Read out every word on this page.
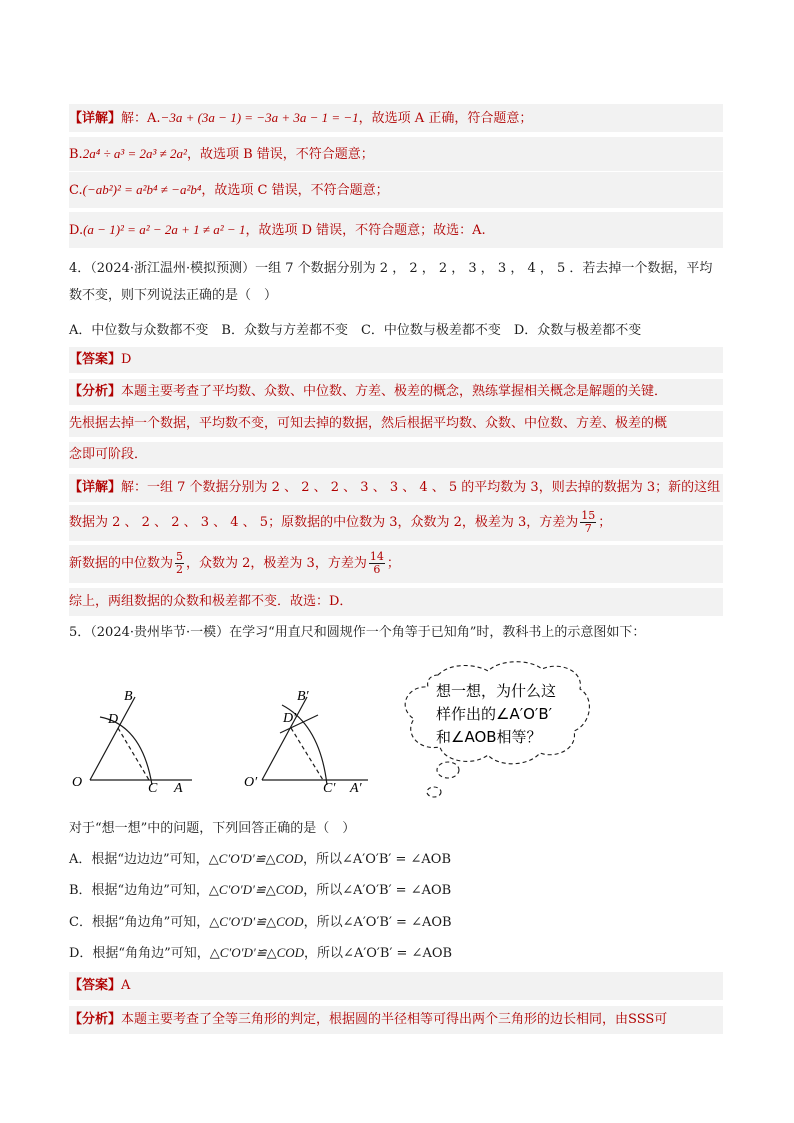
【详解】解：A.−3a + (3a − 1) = −3a + 3a − 1 = −1，故选项 A 正确，符合题意；
B.2a⁴ ÷ a³ = 2a³ ≠ 2a²，故选项 B 错误，不符合题意；
C.(−ab²)² = a²b⁴ ≠ −a²b⁴，故选项 C 错误，不符合题意；
D.(a − 1)² = a² − 2a + 1 ≠ a² − 1，故选项 D 错误，不符合题意；故选：A.
4．（2024·浙江温州·模拟预测）一组 7 个数据分别为 2 ， 2 ， 2 ， 3 ， 3 ， 4 ， 5 ．若去掉一个数据，平均
数不变，则下列说法正确的是（　）
A．中位数与众数都不变　B．众数与方差都不变　C．中位数与极差都不变　D．众数与极差都不变
【答案】D
【分析】本题主要考查了平均数、众数、中位数、方差、极差的概念，熟练掌握相关概念是解题的关键．
先根据去掉一个数据，平均数不变，可知去掉的数据，然后根据平均数、众数、中位数、方差、极差的概
念即可阶段．
【详解】解：一组 7 个数据分别为 2 、 2 、 2 、 3 、 3 、 4 、 5 的平均数为 3，则去掉的数据为 3；新的这组
数据为 2 、 2 、 2 、 3 、 4 、 5；原数据的中位数为 3，众数为 2，极差为 3，方差为 $\frac{15}{7}$ ；
新数据的中位数为 $\frac{5}{2}$ ，众数为 2，极差为 3，方差为 $\frac{14}{6}$ ；
综上，两组数据的众数和极差都不变．故选：D．
5．（2024·贵州毕节·一模）在学习“用直尺和圆规作一个角等于已知角”时，教科书上的示意图如下：
O	A
B
C
D
O′	A′
B′
C′
D′
想一想，为什么这
样作出的∠A′O′B′
和∠AOB相等？
对于“想一想”中的问题，下列回答正确的是（　）
A．根据“边边边”可知，△C′O′D′≌△COD，所以∠A′O′B′ = ∠AOB
B．根据“边角边”可知，△C′O′D′≌△COD，所以∠A′O′B′ = ∠AOB
C．根据“角边角”可知，△C′O′D′≌△COD，所以∠A′O′B′ = ∠AOB
D．根据“角角边”可知，△C′O′D′≌△COD，所以∠A′O′B′ = ∠AOB
【答案】A
【分析】本题主要考查了全等三角形的判定，根据圆的半径相等可得出两个三角形的边长相同，由SSS可
